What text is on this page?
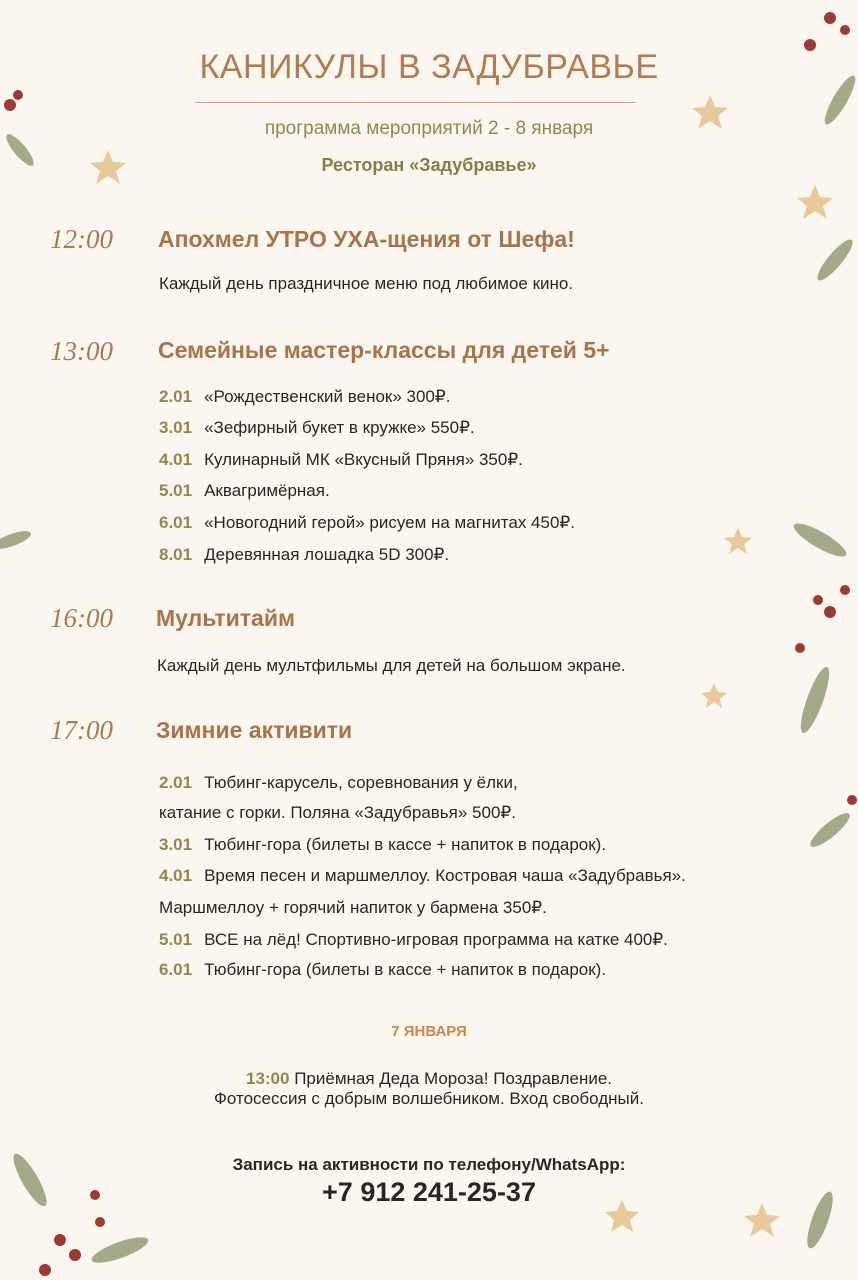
КАНИКУЛЫ В ЗАДУБРАВЬЕ
программа мероприятий 2 - 8 января
Ресторан «Задубравье»
12:00 Апохмел УТРО УХА-щения от Шефа!
Каждый день праздничное меню под любимое кино.
13:00 Семейные мастер-классы для детей 5+
2.01 «Рождественский венок» 300₽.
3.01 «Зефирный букет в кружке» 550₽.
4.01 Кулинарный МК «Вкусный Пряня» 350₽.
5.01 Аквагримёрная.
6.01 «Новогодний герой» рисуем на магнитах 450₽.
8.01 Деревянная лошадка 5D 300₽.
16:00 Мультитайм
Каждый день мультфильмы для детей на большом экране.
17:00 Зимние активити
2.01 Тюбинг-карусель, соревнования у ёлки,
катание с горки. Поляна «Задубравья» 500₽.
3.01 Тюбинг-гора (билеты в кассе + напиток в подарок).
4.01 Время песен и маршмеллоу. Костровая чаша «Задубравья».
Маршмеллоу + горячий напиток у бармена 350₽.
5.01 ВСЕ на лёд! Спортивно-игровая программа на катке 400₽.
6.01 Тюбинг-гора (билеты в кассе + напиток в подарок).
7 ЯНВАРЯ
13:00 Приёмная Деда Мороза! Поздравление.
Фотосессия с добрым волшебником. Вход свободный.
Запись на активности по телефону/WhatsApp:
+7 912 241-25-37
